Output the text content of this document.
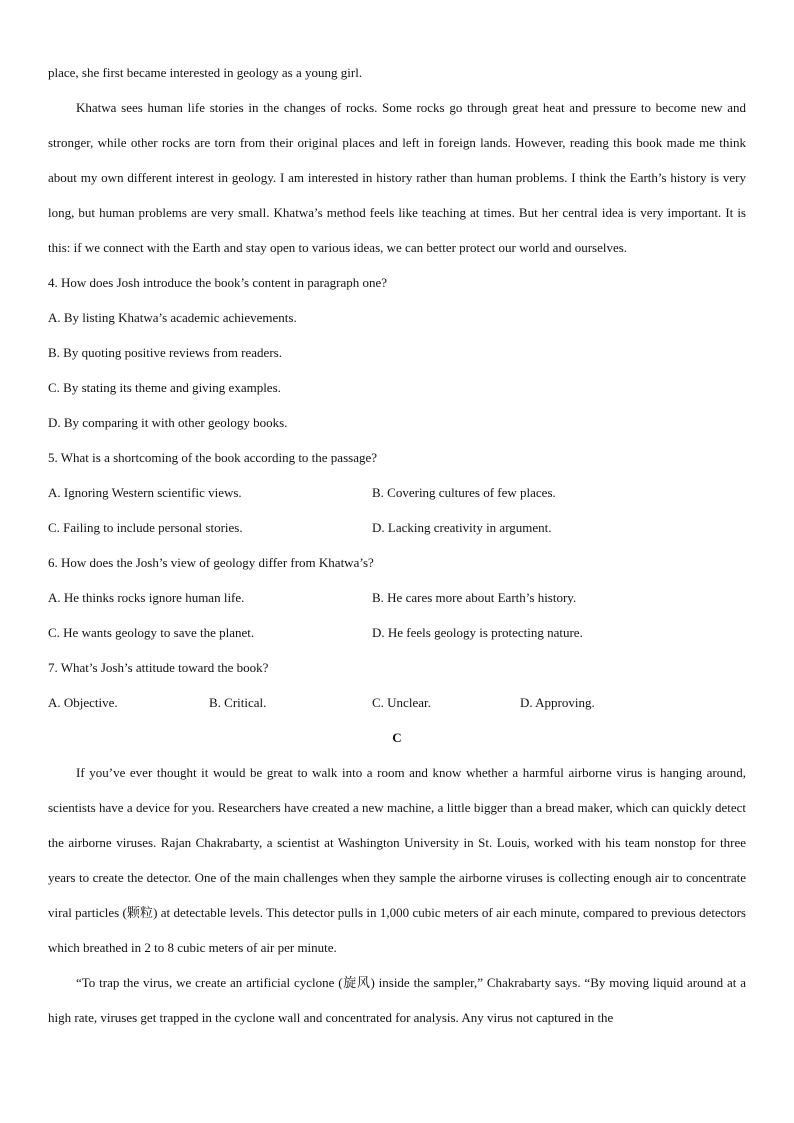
place, she first became interested in geology as a young girl.

Khatwa sees human life stories in the changes of rocks. Some rocks go through great heat and pressure to become new and stronger, while other rocks are torn from their original places and left in foreign lands. However, reading this book made me think about my own different interest in geology. I am interested in history rather than human problems. I think the Earth’s history is very long, but human problems are very small. Khatwa’s method feels like teaching at times. But her central idea is very important. It is this: if we connect with the Earth and stay open to various ideas, we can better protect our world and ourselves.

4. How does Josh introduce the book’s content in paragraph one?
A. By listing Khatwa’s academic achievements.
B. By quoting positive reviews from readers.
C. By stating its theme and giving examples.
D. By comparing it with other geology books.
5. What is a shortcoming of the book according to the passage?
A. Ignoring Western scientific views.	B. Covering cultures of few places.
C. Failing to include personal stories.	D. Lacking creativity in argument.
6. How does the Josh’s view of geology differ from Khatwa’s?
A. He thinks rocks ignore human life.	B. He cares more about Earth’s history.
C. He wants geology to save the planet.	D. He feels geology is protecting nature.
7. What’s Josh’s attitude toward the book?
A. Objective.	B. Critical.	C. Unclear.	D. Approving.
C

If you’ve ever thought it would be great to walk into a room and know whether a harmful airborne virus is hanging around, scientists have a device for you. Researchers have created a new machine, a little bigger than a bread maker, which can quickly detect the airborne viruses. Rajan Chakrabarty, a scientist at Washington University in St. Louis, worked with his team nonstop for three years to create the detector. One of the main challenges when they sample the airborne viruses is collecting enough air to concentrate viral particles (颗粒) at detectable levels. This detector pulls in 1,000 cubic meters of air each minute, compared to previous detectors which breathed in 2 to 8 cubic meters of air per minute.

“To trap the virus, we create an artificial cyclone (旋风) inside the sampler,” Chakrabarty says. “By moving liquid around at a high rate, viruses get trapped in the cyclone wall and concentrated for analysis. Any virus not captured in the
